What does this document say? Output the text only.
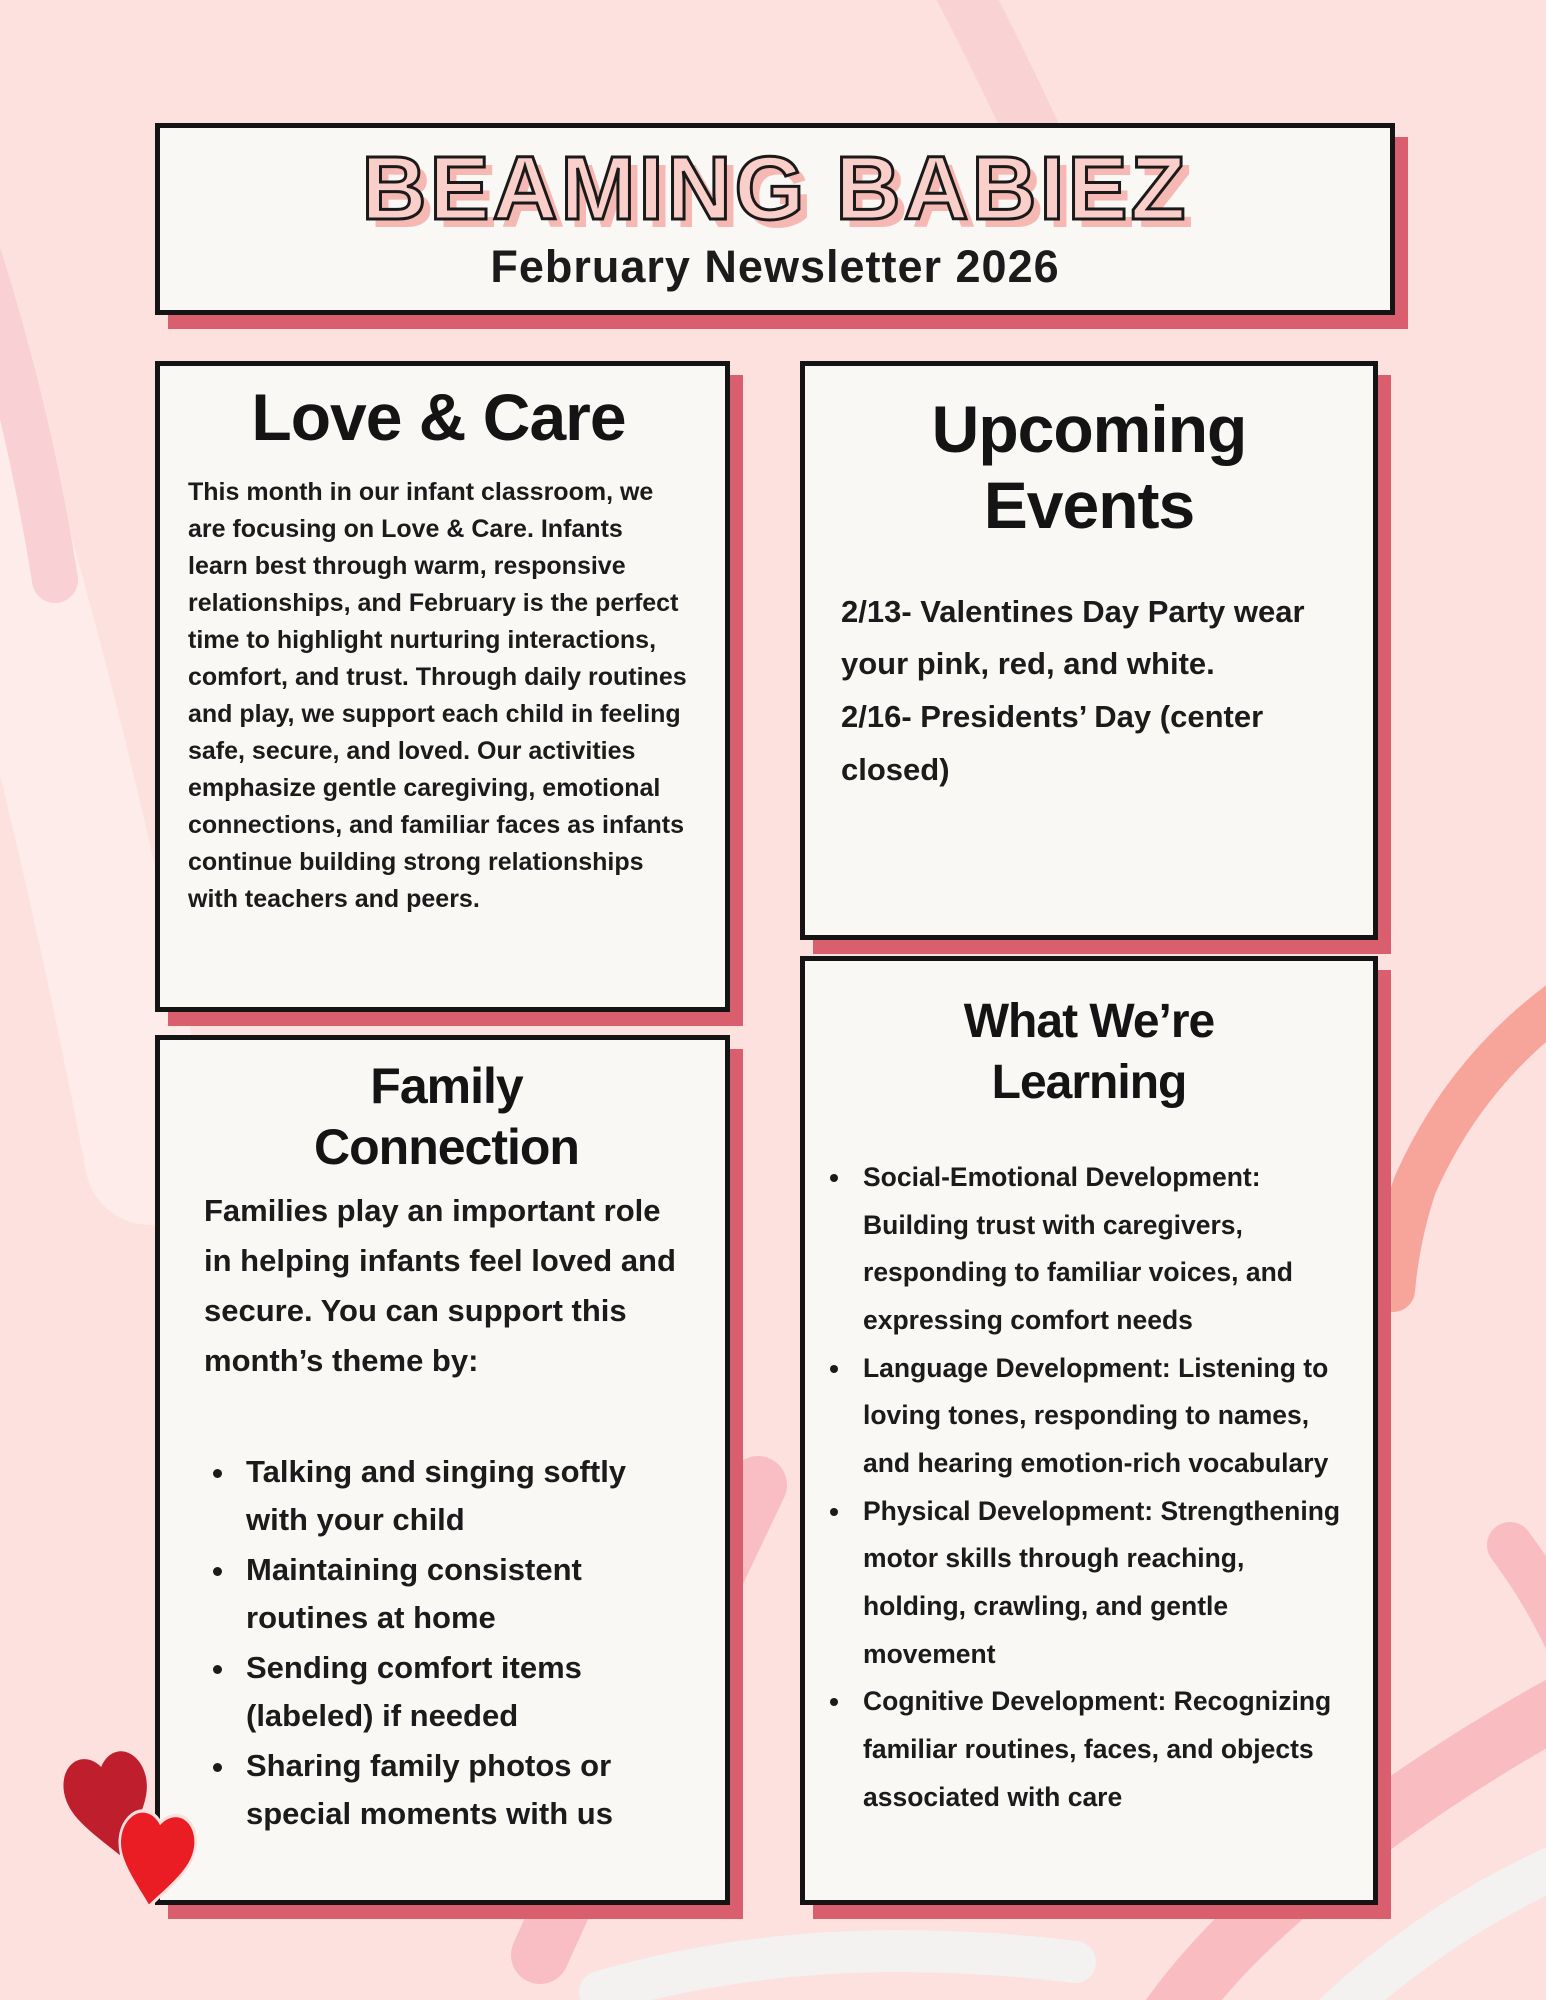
BEAMING BABIEZ

February Newsletter 2026

Love & Care

This month in our infant classroom, we are focusing on Love & Care. Infants learn best through warm, responsive relationships, and February is the perfect time to highlight nurturing interactions, comfort, and trust. Through daily routines and play, we support each child in feeling safe, secure, and loved. Our activities emphasize gentle caregiving, emotional connections, and familiar faces as infants continue building strong relationships with teachers and peers.

Upcoming Events

2/13- Valentines Day Party wear your pink, red, and white.

2/16- Presidents’ Day (center closed)

Family Connection

Families play an important role in helping infants feel loved and secure. You can support this month’s theme by:

• Talking and singing softly with your child
• Maintaining consistent routines at home
• Sending comfort items (labeled) if needed
• Sharing family photos or special moments with us
What We’re Learning
• Social-Emotional Development: Building trust with caregivers, responding to familiar voices, and expressing comfort needs
• Language Development: Listening to loving tones, responding to names, and hearing emotion-rich vocabulary
• Physical Development: Strengthening motor skills through reaching, holding, crawling, and gentle movement
• Cognitive Development: Recognizing familiar routines, faces, and objects associated with care
